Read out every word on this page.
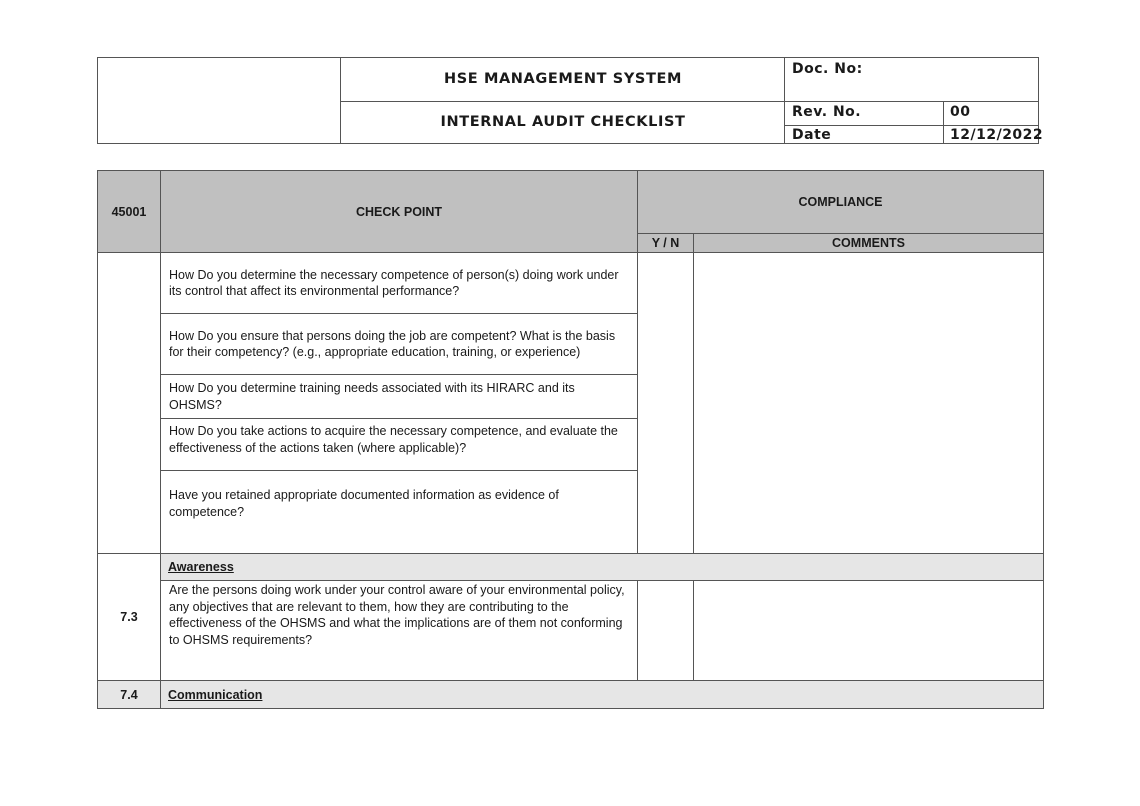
HSE MANAGEMENT SYSTEM
INTERNAL AUDIT CHECKLIST
Doc. No:
Rev. No.	00
Date	12/12/2022
45001	CHECK POINT	COMPLIANCE	
		Y / N	COMMENTS
	How Do you determine the necessary competence of person(s) doing work under its control that affect its environmental performance?		
	How Do you ensure that persons doing the job are competent? What is the basis for their competency? (e.g., appropriate education, training, or experience)		
	How Do you determine training needs associated with its HIRARC and its OHSMS?		
	How Do you take actions to acquire the necessary competence, and evaluate the effectiveness of the actions taken (where applicable)?		
	Have you retained appropriate documented information as evidence of competence?		
7.3	Awareness		
	Are the persons doing work under your control aware of your environmental policy, any objectives that are relevant to them, how they are contributing to the effectiveness of the OHSMS and what the implications are of them not conforming to OHSMS requirements?		
7.4	Communication		
